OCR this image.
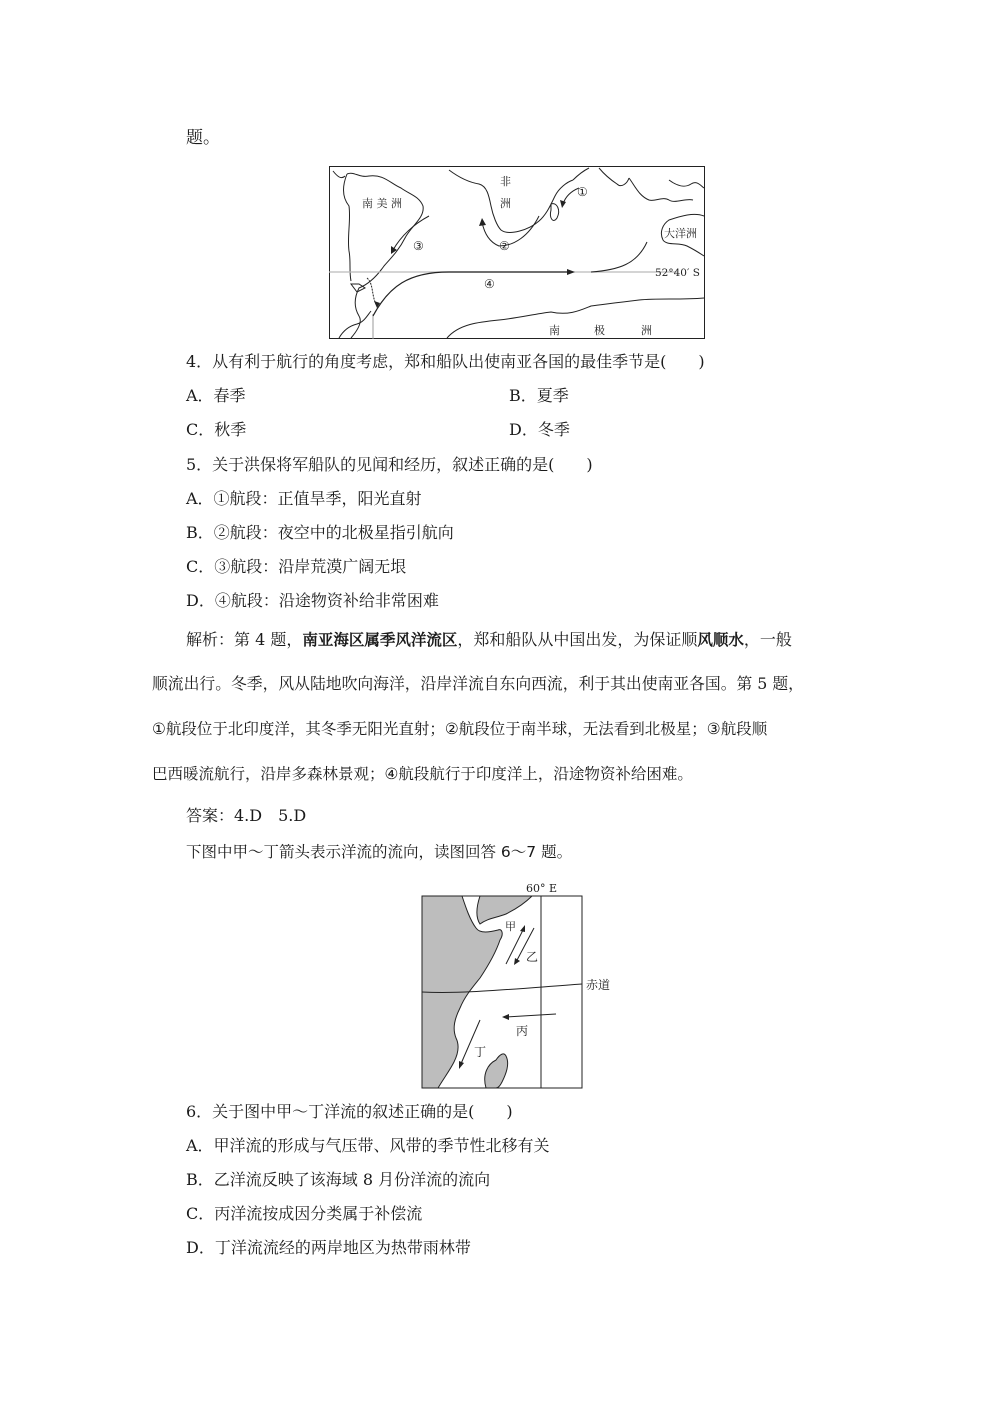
题。
南 美 洲
非
洲
大洋洲
南	极	洲
52°40′ S
①
②
③
④
4．从有利于航行的角度考虑，郑和船队出使南亚各国的最佳季节是(　　)
A．春季	B．夏季
C．秋季	D．冬季
5．关于洪保将军船队的见闻和经历，叙述正确的是(　　)
A．①航段：正值旱季，阳光直射
B．②航段：夜空中的北极星指引航向
C．③航段：沿岸荒漠广阔无垠
D．④航段：沿途物资补给非常困难
解析：第 4 题，南亚海区属季风洋流区，郑和船队从中国出发，为保证顺风顺水，一般
顺流出行。冬季，风从陆地吹向海洋，沿岸洋流自东向西流，利于其出使南亚各国。第 5 题，
①航段位于北印度洋，其冬季无阳光直射；②航段位于南半球，无法看到北极星；③航段顺
巴西暖流航行，沿岸多森林景观；④航段航行于印度洋上，沿途物资补给困难。
答案：4.D　5.D
下图中甲～丁箭头表示洋流的流向，读图回答 6～7 题。
60° E
赤道
甲
乙
丙
丁
6．关于图中甲～丁洋流的叙述正确的是(　　)
A．甲洋流的形成与气压带、风带的季节性北移有关
B．乙洋流反映了该海域 8 月份洋流的流向
C．丙洋流按成因分类属于补偿流
D．丁洋流流经的两岸地区为热带雨林带
